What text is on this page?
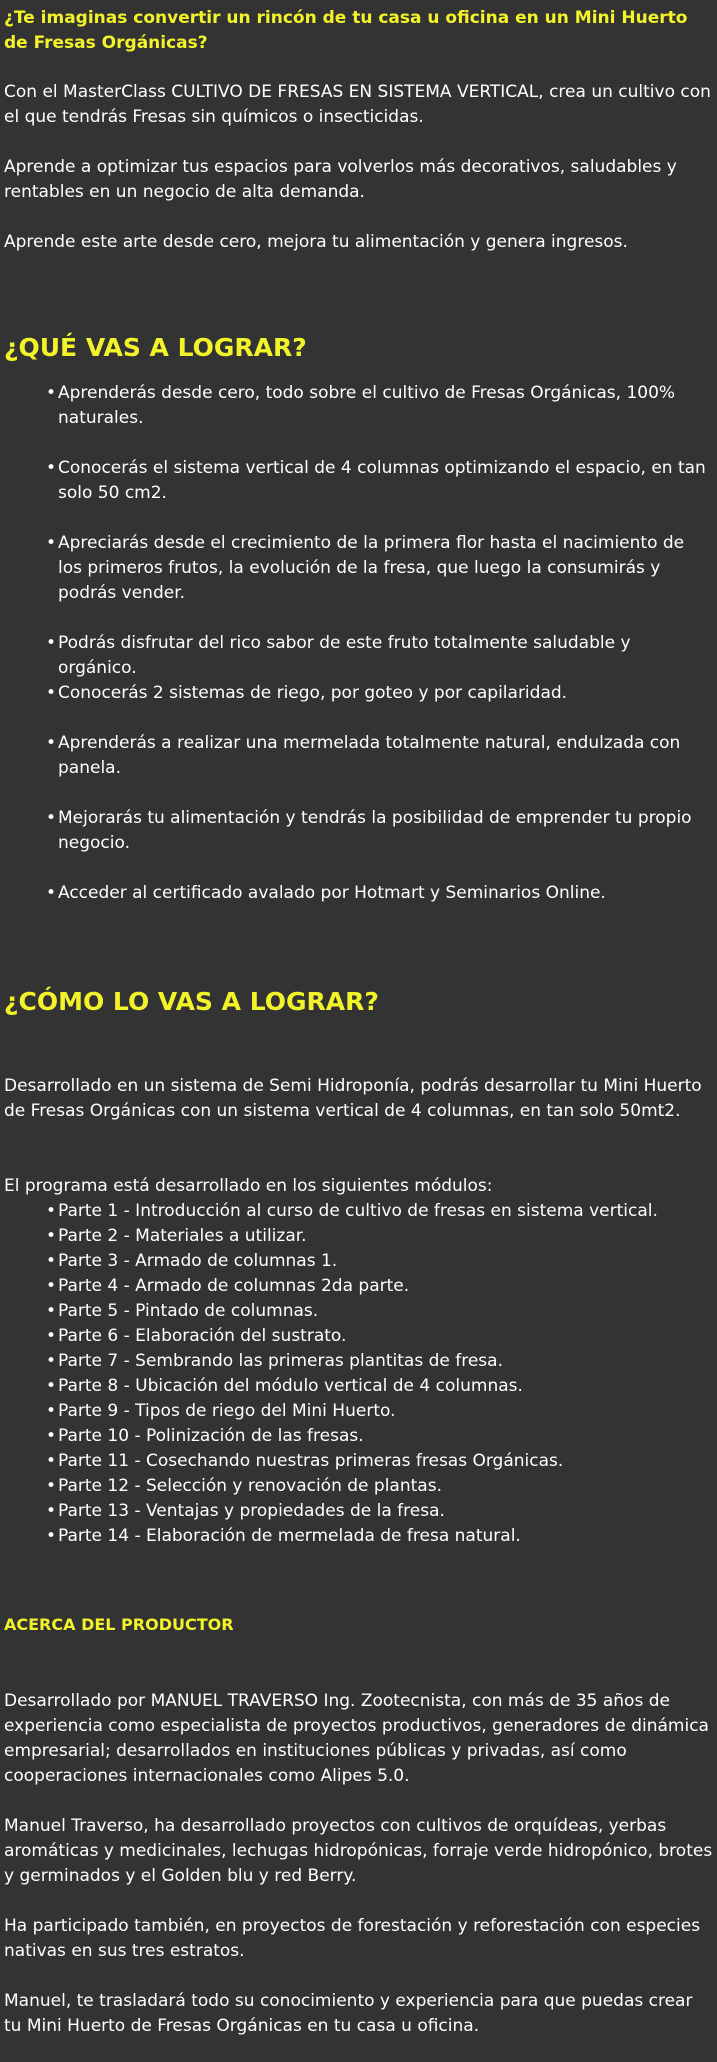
¿Te imaginas convertir un rincón de tu casa u oficina en un Mini Huerto de Fresas Orgánicas?

Con el MasterClass CULTIVO DE FRESAS EN SISTEMA VERTICAL, crea un cultivo con el que tendrás Fresas sin químicos o insecticidas.

Aprende a optimizar tus espacios para volverlos más decorativos, saludables y rentables en un negocio de alta demanda.

Aprende este arte desde cero, mejora tu alimentación y genera ingresos.

¿QUÉ VAS A LOGRAR?
• Aprenderás desde cero, todo sobre el cultivo de Fresas Orgánicas, 100% naturales.
• Conocerás el sistema vertical de 4 columnas optimizando el espacio, en tan solo 50 cm2.
• Apreciarás desde el crecimiento de la primera flor hasta el nacimiento de los primeros frutos, la evolución de la fresa, que luego la consumirás y podrás vender.
• Podrás disfrutar del rico sabor de este fruto totalmente saludable y orgánico.
• Conocerás 2 sistemas de riego, por goteo y por capilaridad.
• Aprenderás a realizar una mermelada totalmente natural, endulzada con panela.
• Mejorarás tu alimentación y tendrás la posibilidad de emprender tu propio negocio.
• Acceder al certificado avalado por Hotmart y Seminarios Online.
¿CÓMO LO VAS A LOGRAR?

Desarrollado en un sistema de Semi Hidroponía, podrás desarrollar tu Mini Huerto de Fresas Orgánicas con un sistema vertical de 4 columnas, en tan solo 50mt2.

El programa está desarrollado en los siguientes módulos:

• Parte 1 - Introducción al curso de cultivo de fresas en sistema vertical.
• Parte 2 - Materiales a utilizar.
• Parte 3 - Armado de columnas 1.
• Parte 4 - Armado de columnas 2da parte.
• Parte 5 - Pintado de columnas.
• Parte 6 - Elaboración del sustrato.
• Parte 7 - Sembrando las primeras plantitas de fresa.
• Parte 8 - Ubicación del módulo vertical de 4 columnas.
• Parte 9 - Tipos de riego del Mini Huerto.
• Parte 10 - Polinización de las fresas.
• Parte 11 - Cosechando nuestras primeras fresas Orgánicas.
• Parte 12 - Selección y renovación de plantas.
• Parte 13 - Ventajas y propiedades de la fresa.
• Parte 14 - Elaboración de mermelada de fresa natural.
ACERCA DEL PRODUCTOR

Desarrollado por MANUEL TRAVERSO Ing. Zootecnista, con más de 35 años de experiencia como especialista de proyectos productivos, generadores de dinámica empresarial; desarrollados en instituciones públicas y privadas, así como cooperaciones internacionales como Alipes 5.0.

Manuel Traverso, ha desarrollado proyectos con cultivos de orquídeas, yerbas aromáticas y medicinales, lechugas hidropónicas, forraje verde hidropónico, brotes y germinados y el Golden blu y red Berry.

Ha participado también, en proyectos de forestación y reforestación con especies nativas en sus tres estratos.

Manuel, te trasladará todo su conocimiento y experiencia para que puedas crear tu Mini Huerto de Fresas Orgánicas en tu casa u oficina.
